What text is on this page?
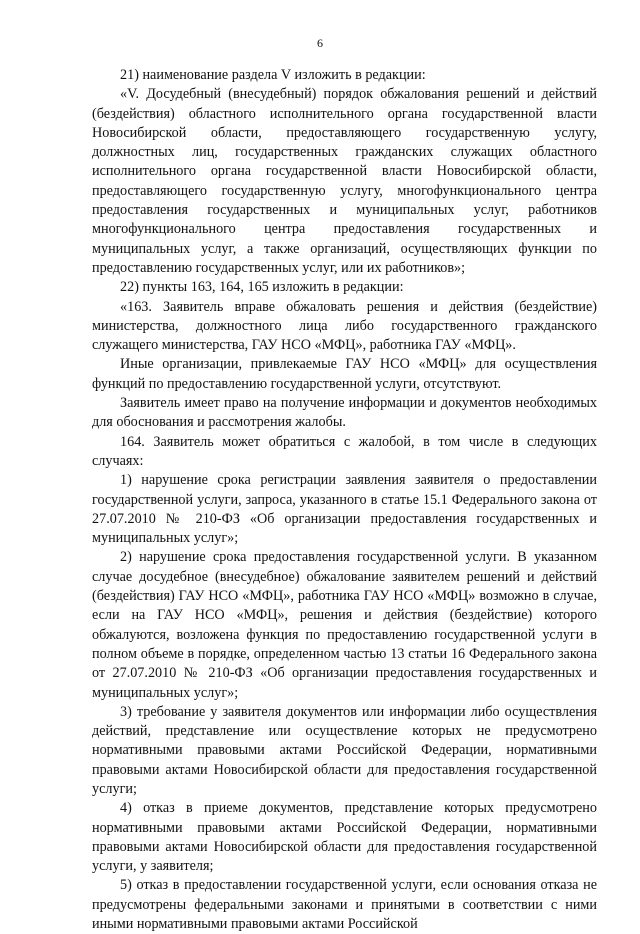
6

21) наименование раздела V изложить в редакции:

«V. Досудебный (внесудебный) порядок обжалования решений и действий (бездействия) областного исполнительного органа государственной власти Новосибирской области, предоставляющего государственную услугу, должностных лиц, государственных гражданских служащих областного исполнительного органа государственной власти Новосибирской области, предоставляющего государственную услугу, многофункционального центра предоставления государственных и муниципальных услуг, работников многофункционального центра предоставления государственных и муниципальных услуг, а также организаций, осуществляющих функции по предоставлению государственных услуг, или их работников»;

22) пункты 163, 164, 165 изложить в редакции:

«163. Заявитель вправе обжаловать решения и действия (бездействие) министерства, должностного лица либо государственного гражданского служащего министерства, ГАУ НСО «МФЦ», работника ГАУ «МФЦ».

Иные организации, привлекаемые ГАУ НСО «МФЦ» для осуществления функций по предоставлению государственной услуги, отсутствуют.

Заявитель имеет право на получение информации и документов необходимых для обоснования и рассмотрения жалобы.

164. Заявитель может обратиться с жалобой, в том числе в следующих случаях:

1) нарушение срока регистрации заявления заявителя о предоставлении государственной услуги, запроса, указанного в статье 15.1 Федерального закона от 27.07.2010 № 210-ФЗ «Об организации предоставления государственных и муниципальных услуг»;

2) нарушение срока предоставления государственной услуги. В указанном случае досудебное (внесудебное) обжалование заявителем решений и действий (бездействия) ГАУ НСО «МФЦ», работника ГАУ НСО «МФЦ» возможно в случае, если на ГАУ НСО «МФЦ», решения и действия (бездействие) которого обжалуются, возложена функция по предоставлению государственной услуги в полном объеме в порядке, определенном частью 13 статьи 16 Федерального закона от 27.07.2010 № 210-ФЗ «Об организации предоставления государственных и муниципальных услуг»;

3) требование у заявителя документов или информации либо осуществления действий, представление или осуществление которых не предусмотрено нормативными правовыми актами Российской Федерации, нормативными правовыми актами Новосибирской области для предоставления государственной услуги;

4) отказ в приеме документов, представление которых предусмотрено нормативными правовыми актами Российской Федерации, нормативными правовыми актами Новосибирской области для предоставления государственной услуги, у заявителя;

5) отказ в предоставлении государственной услуги, если основания отказа не предусмотрены федеральными законами и принятыми в соответствии с ними иными нормативными правовыми актами Российской
